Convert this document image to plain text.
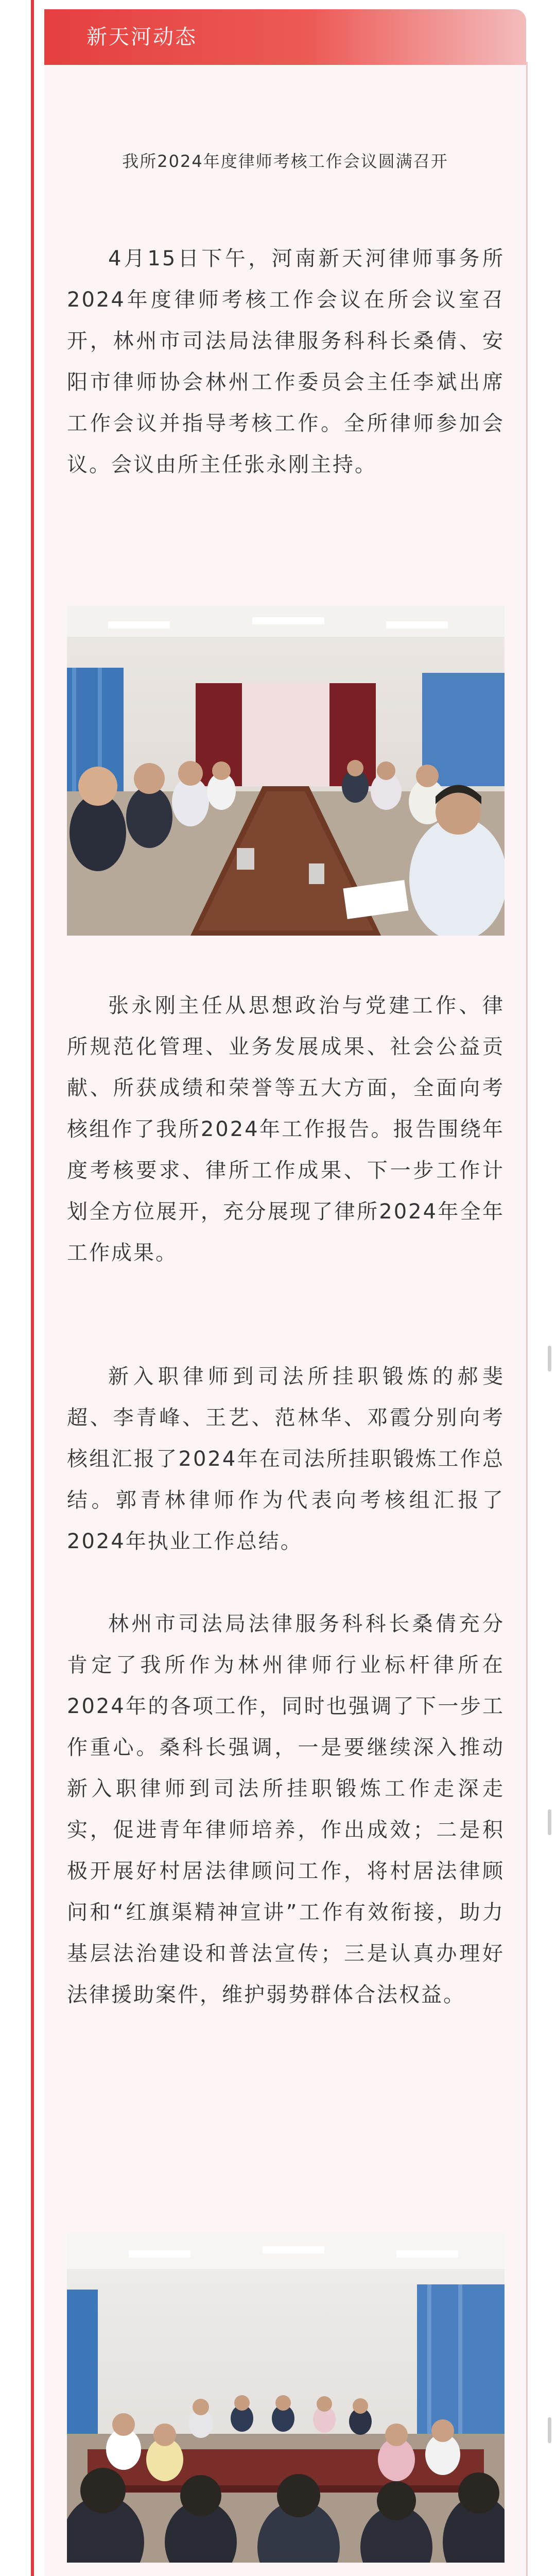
新天河动态
我所2024年度律师考核工作会议圆满召开

4月15日下午，河南新天河律师事务所2024年度律师考核工作会议在所会议室召开，林州市司法局法律服务科科长桑倩、安阳市律师协会林州工作委员会主任李斌出席工作会议并指导考核工作。全所律师参加会议。会议由所主任张永刚主持。

张永刚主任从思想政治与党建工作、律所规范化管理、业务发展成果、社会公益贡献、所获成绩和荣誉等五大方面，全面向考核组作了我所2024年工作报告。报告围绕年度考核要求、律所工作成果、下一步工作计划全方位展开，充分展现了律所2024年全年工作成果。

新入职律师到司法所挂职锻炼的郝斐超、李青峰、王艺、范林华、邓霞分别向考核组汇报了2024年在司法所挂职锻炼工作总结。郭青林律师作为代表向考核组汇报了2024年执业工作总结。

林州市司法局法律服务科科长桑倩充分肯定了我所作为林州律师行业标杆律所在2024年的各项工作，同时也强调了下一步工作重心。桑科长强调，一是要继续深入推动新入职律师到司法所挂职锻炼工作走深走实，促进青年律师培养，作出成效；二是积极开展好村居法律顾问工作，将村居法律顾问和“红旗渠精神宣讲”工作有效衔接，助力基层法治建设和普法宣传；三是认真办理好法律援助案件，维护弱势群体合法权益。
